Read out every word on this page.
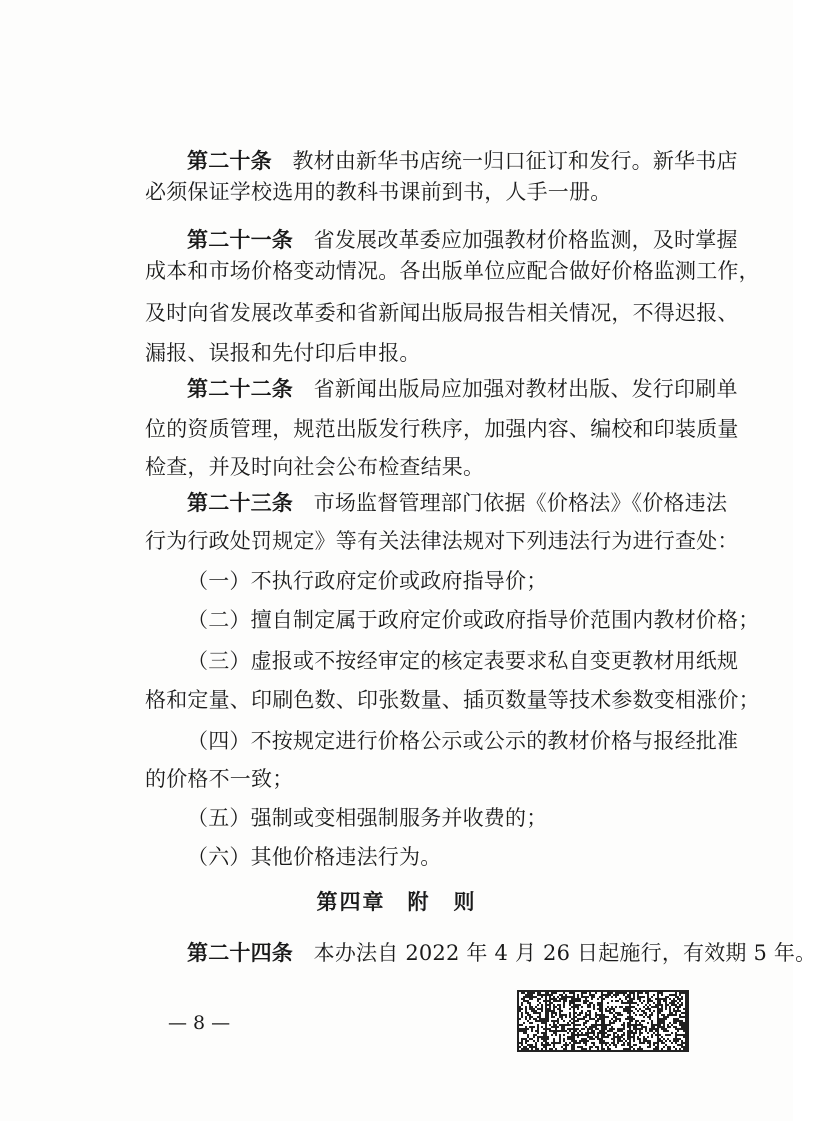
第二十条 教材由新华书店统一归口征订和发行。新华书店
必须保证学校选用的教科书课前到书，人手一册。
第二十一条 省发展改革委应加强教材价格监测，及时掌握
成本和市场价格变动情况。各出版单位应配合做好价格监测工作，
及时向省发展改革委和省新闻出版局报告相关情况，不得迟报、
漏报、误报和先付印后申报。
第二十二条 省新闻出版局应加强对教材出版、发行印刷单
位的资质管理，规范出版发行秩序，加强内容、编校和印装质量
检查，并及时向社会公布检查结果。
第二十三条 市场监督管理部门依据《价格法》《价格违法
行为行政处罚规定》等有关法律法规对下列违法行为进行查处：
（一）不执行政府定价或政府指导价；
（二）擅自制定属于政府定价或政府指导价范围内教材价格；
（三）虚报或不按经审定的核定表要求私自变更教材用纸规
格和定量、印刷色数、印张数量、插页数量等技术参数变相涨价；
（四）不按规定进行价格公示或公示的教材价格与报经批准
的价格不一致；
（五）强制或变相强制服务并收费的；
（六）其他价格违法行为。
第四章 附　则
第二十四条 本办法自 2022 年 4 月 26 日起施行，有效期 5 年。
— 8 —
